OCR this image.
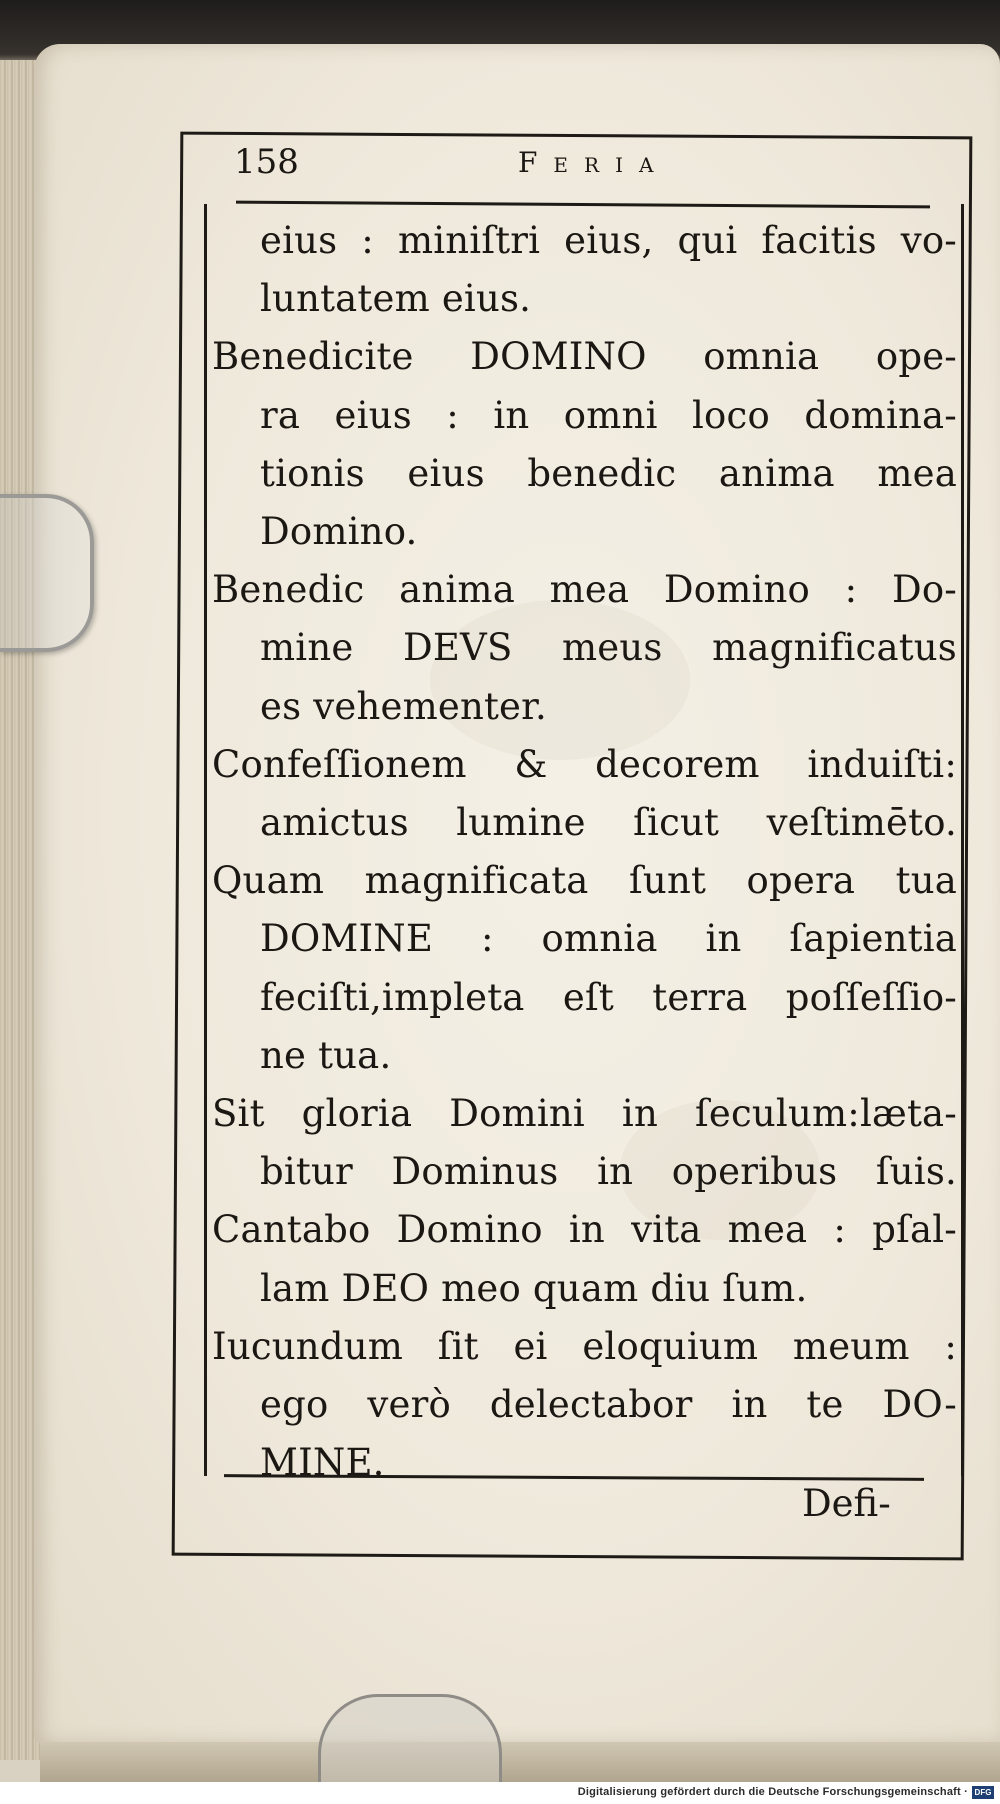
158	Feria
eius : miniſtri eius, qui facitis vo-
luntatem eius.
Benedicite DOMINO omnia ope-
ra eius : in omni loco domina-
tionis eius benedic anima mea
Domino.
Benedic anima mea Domino : Do-
mine DEVS meus magnificatus
es vehementer.
Confeſſionem & decorem induiſti:
amictus lumine ſicut veſtimēto.
Quam magnificata ſunt opera tua
DOMINE : omnia in ſapientia
feciſti,impleta eſt terra poſſeſſio-
ne tua.
Sit gloria Domini in ſeculum:læta-
bitur Dominus in operibus ſuis.
Cantabo Domino in vita mea : pſal-
lam DEO meo quam diu ſum.
Iucundum ſit ei eloquium meum :
ego verò delectabor in te DO-
MINE.
Defi-
Digitalisierung gefördert durch die Deutsche Forschungsgemeinschaft · DFG
